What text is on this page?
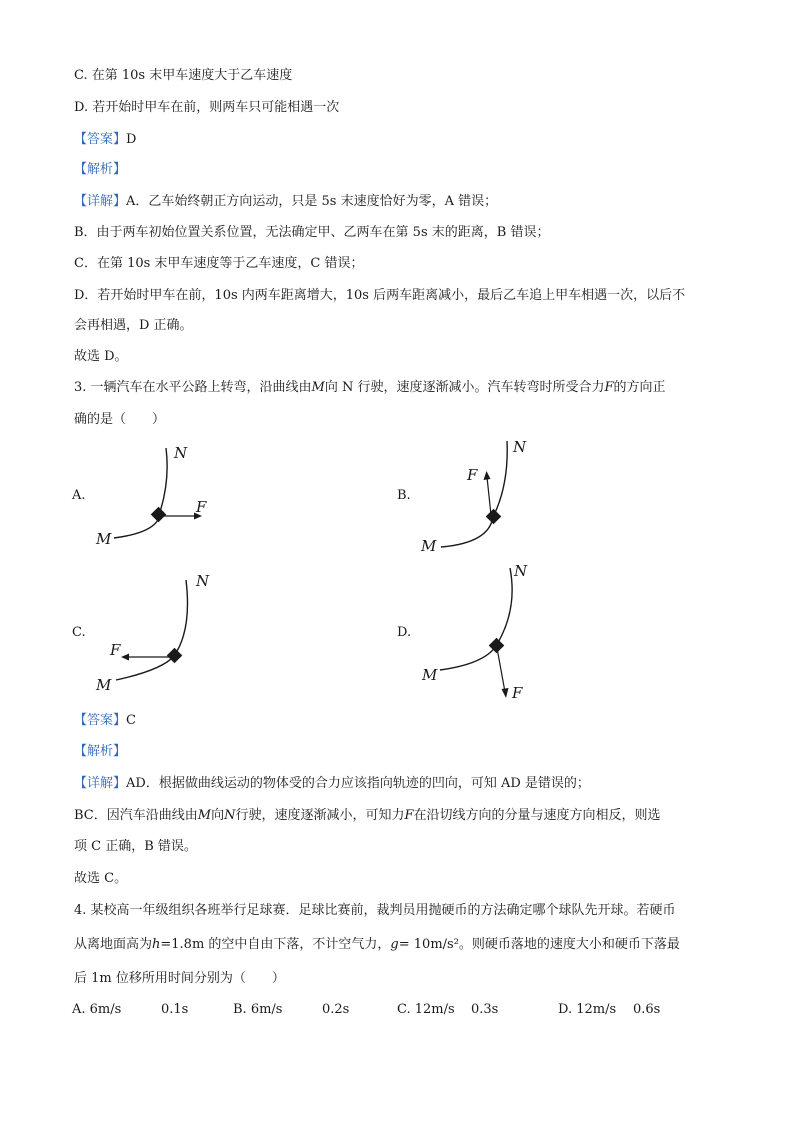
C. 在第 10s 末甲车速度大于乙车速度
D. 若开始时甲车在前，则两车只可能相遇一次
【答案】D
【解析】
【详解】A．乙车始终朝正方向运动，只是 5s 末速度恰好为零，A 错误；
B．由于两车初始位置关系位置，无法确定甲、乙两车在第 5s 末的距离，B 错误；
C．在第 10s 末甲车速度等于乙车速度，C 错误；
D．若开始时甲车在前，10s 内两车距离增大，10s 后两车距离减小，最后乙车追上甲车相遇一次，以后不
会再相遇，D 正确。
故选 D。
3. 一辆汽车在水平公路上转弯，沿曲线由M向 N 行驶，速度逐渐减小。汽车转弯时所受合力F的方向正
确的是（　　）
A.
M
N
F
B.
M
N
F
C.
M
N
F
D.
M
N
F
【答案】C
【解析】
【详解】AD．根据做曲线运动的物体受的合力应该指向轨迹的凹向，可知 AD 是错误的；
BC．因汽车沿曲线由M向N行驶，速度逐渐减小，可知力F在沿切线方向的分量与速度方向相反，则选
项 C 正确，B 错误。
故选 C。
4. 某校高一年级组织各班举行足球赛．足球比赛前，裁判员用抛硬币的方法确定哪个球队先开球。若硬币
从离地面高为h=1.8m 的空中自由下落，不计空气力，g= 10m/s²。则硬币落地的速度大小和硬币下落最
后 1m 位移所用时间分别为（　　）
A. 6m/s	0.1s	B. 6m/s	0.2s	C. 12m/s 0.3s	D. 12m/s 0.6s
